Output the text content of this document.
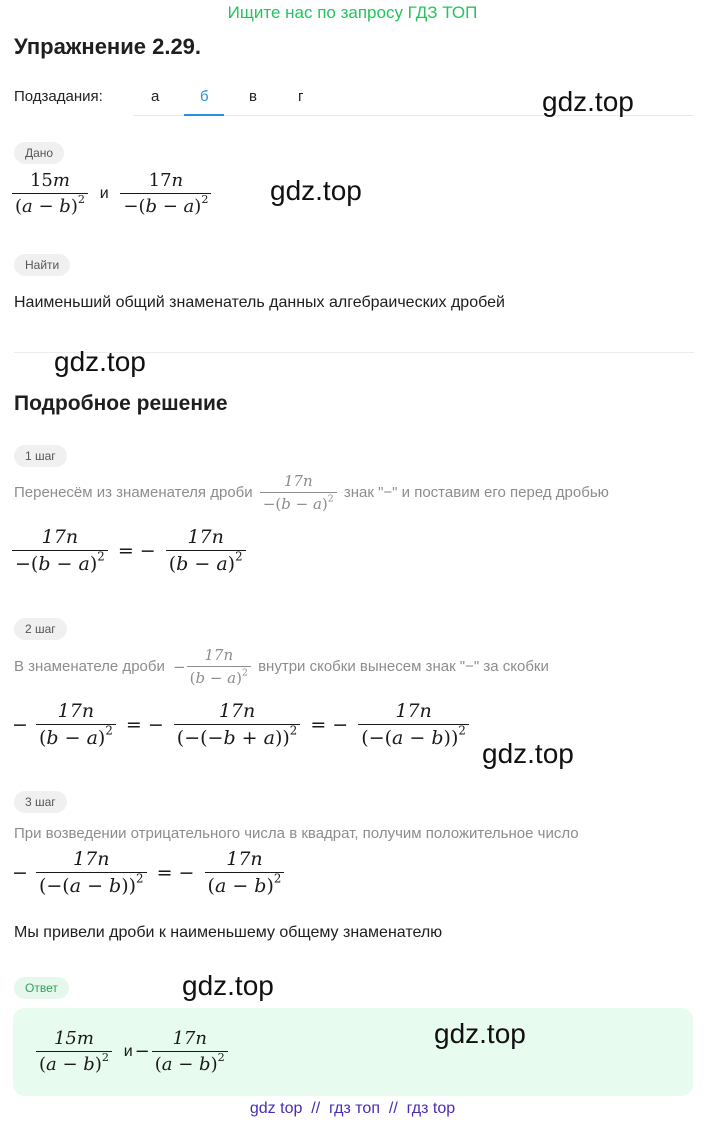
Ищите нас по запросу ГДЗ ТОП
Упражнение 2.29.
Подзадания:	а	б	в	г	gdz.top
Дано
$\frac{15m}{(a - b)^2}$ и $\frac{17n}{-(b - a)^2} gdz.top$
Найти
Наименьший общий знаменатель данных алгебраических дробей
gdz.top
Подробное решение
1 шаг
Перенесём из знаменателя дроби $\frac{17n}{-(b - a)^2}$ знак "−" и поставим его перед дробью
$\frac{17n}{-(b - a)^2}$ = − $\frac{17n}{(b - a)^2}$
2 шаг
В знаменателе дроби − $\frac{17n}{(b - a)^2}$ внутри скобки вынесем знак "−" за скобки
− $\frac{17n}{(b - a)^2}$ = − $\frac{17n}{(-(-b + a))^2}$ = − $\frac{17n}{(-(a - b))^2}$
gdz.top
3 шаг
При возведении отрицательного числа в квадрат, получим положительное число
− $\frac{17n}{(-(a - b))^2}$ = − $\frac{17n}{(a - b)^2}$
Мы привели дроби к наименьшему общему знаменателю
Ответ	gdz.top
$\frac{15m}{(a - b)^2}$ $и - \frac{17n}{(a - b)^2}$	gdz.top
gdz top  //  гдз топ  //  гдз top
